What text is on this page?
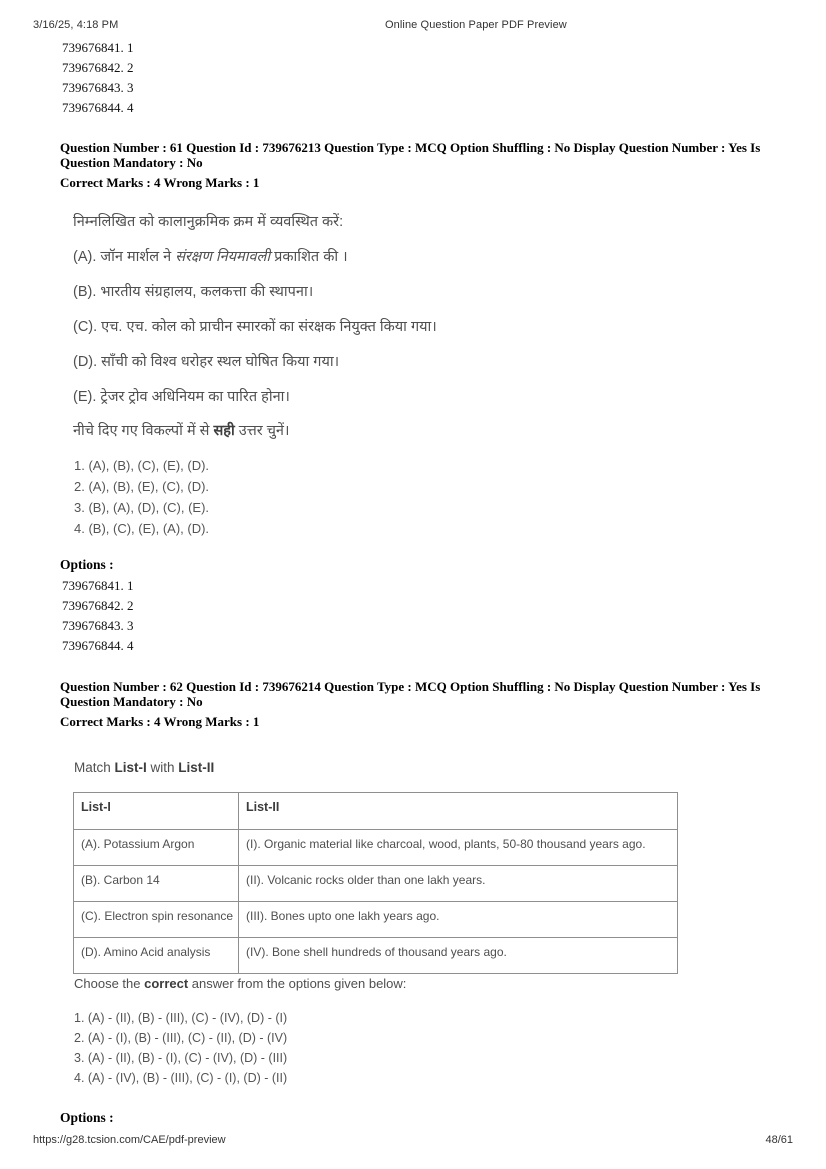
3/16/25, 4:18 PM	Online Question Paper PDF Preview
739676841. 1
739676842. 2
739676843. 3
739676844. 4
Question Number : 61 Question Id : 739676213 Question Type : MCQ Option Shuffling : No Display Question Number : Yes Is Question Mandatory : No
Correct Marks : 4 Wrong Marks : 1
निम्नलिखित को कालानुक्रमिक क्रम में व्यवस्थित करें:
(A). जॉन मार्शल ने संरक्षण नियमावली प्रकाशित की ।
(B). भारतीय संग्रहालय, कलकत्ता की स्थापना।
(C). एच. एच. कोल को प्राचीन स्मारकों का संरक्षक नियुक्त किया गया।
(D). साँची को विश्व धरोहर स्थल घोषित किया गया।
(E). ट्रेजर ट्रोव अधिनियम का पारित होना।
नीचे दिए गए विकल्पों में से सही उत्तर चुनें।
1. (A), (B), (C), (E), (D).
2. (A), (B), (E), (C), (D).
3. (B), (A), (D), (C), (E).
4. (B), (C), (E), (A), (D).
Options :
739676841. 1
739676842. 2
739676843. 3
739676844. 4
Question Number : 62 Question Id : 739676214 Question Type : MCQ Option Shuffling : No Display Question Number : Yes Is Question Mandatory : No
Correct Marks : 4 Wrong Marks : 1
Match List-I with List-II
List-I	List-II
(A). Potassium Argon	(I). Organic material like charcoal, wood, plants, 50-80 thousand years ago.
(B). Carbon 14	(II). Volcanic rocks older than one lakh years.
(C). Electron spin resonance	(III). Bones upto one lakh years ago.
(D). Amino Acid analysis	(IV). Bone shell hundreds of thousand years ago.
Choose the correct answer from the options given below:
1. (A) - (II), (B) - (III), (C) - (IV), (D) - (I)
2. (A) - (I), (B) - (III), (C) - (II), (D) - (IV)
3. (A) - (II), (B) - (I), (C) - (IV), (D) - (III)
4. (A) - (IV), (B) - (III), (C) - (I), (D) - (II)
Options :
https://g28.tcsion.com/CAE/pdf-preview	48/61
